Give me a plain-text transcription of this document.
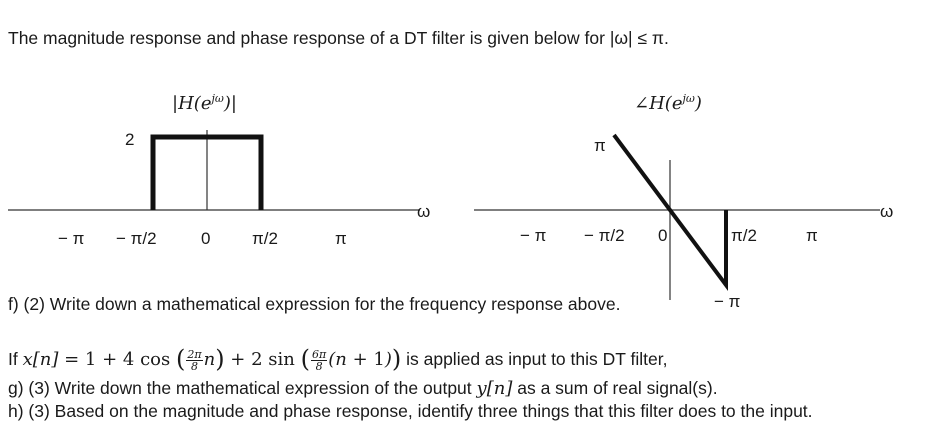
The magnitude response and phase response of a DT filter is given below for |ω| ≤ π.
$|H(e^{j\omega})|$
2
ω
− π − π/2	0 π/2	π
$\angle H(e^{j\omega})$
π
ω
− π − π/2 0	π/2	π
− π
f) (2) Write down a mathematical expression for the frequency response above.
If x[n] = 1 + 4 cos ( $\frac{2\pi}{8} n) + 2$ sin ( $\frac{6\pi}{8} (n + 1)$) is applied as input to this DT filter,
g) (3) Write down the mathematical expression of the output y[n] as a sum of real signal(s).
h) (3) Based on the magnitude and phase response, identify three things that this filter does to the input.
